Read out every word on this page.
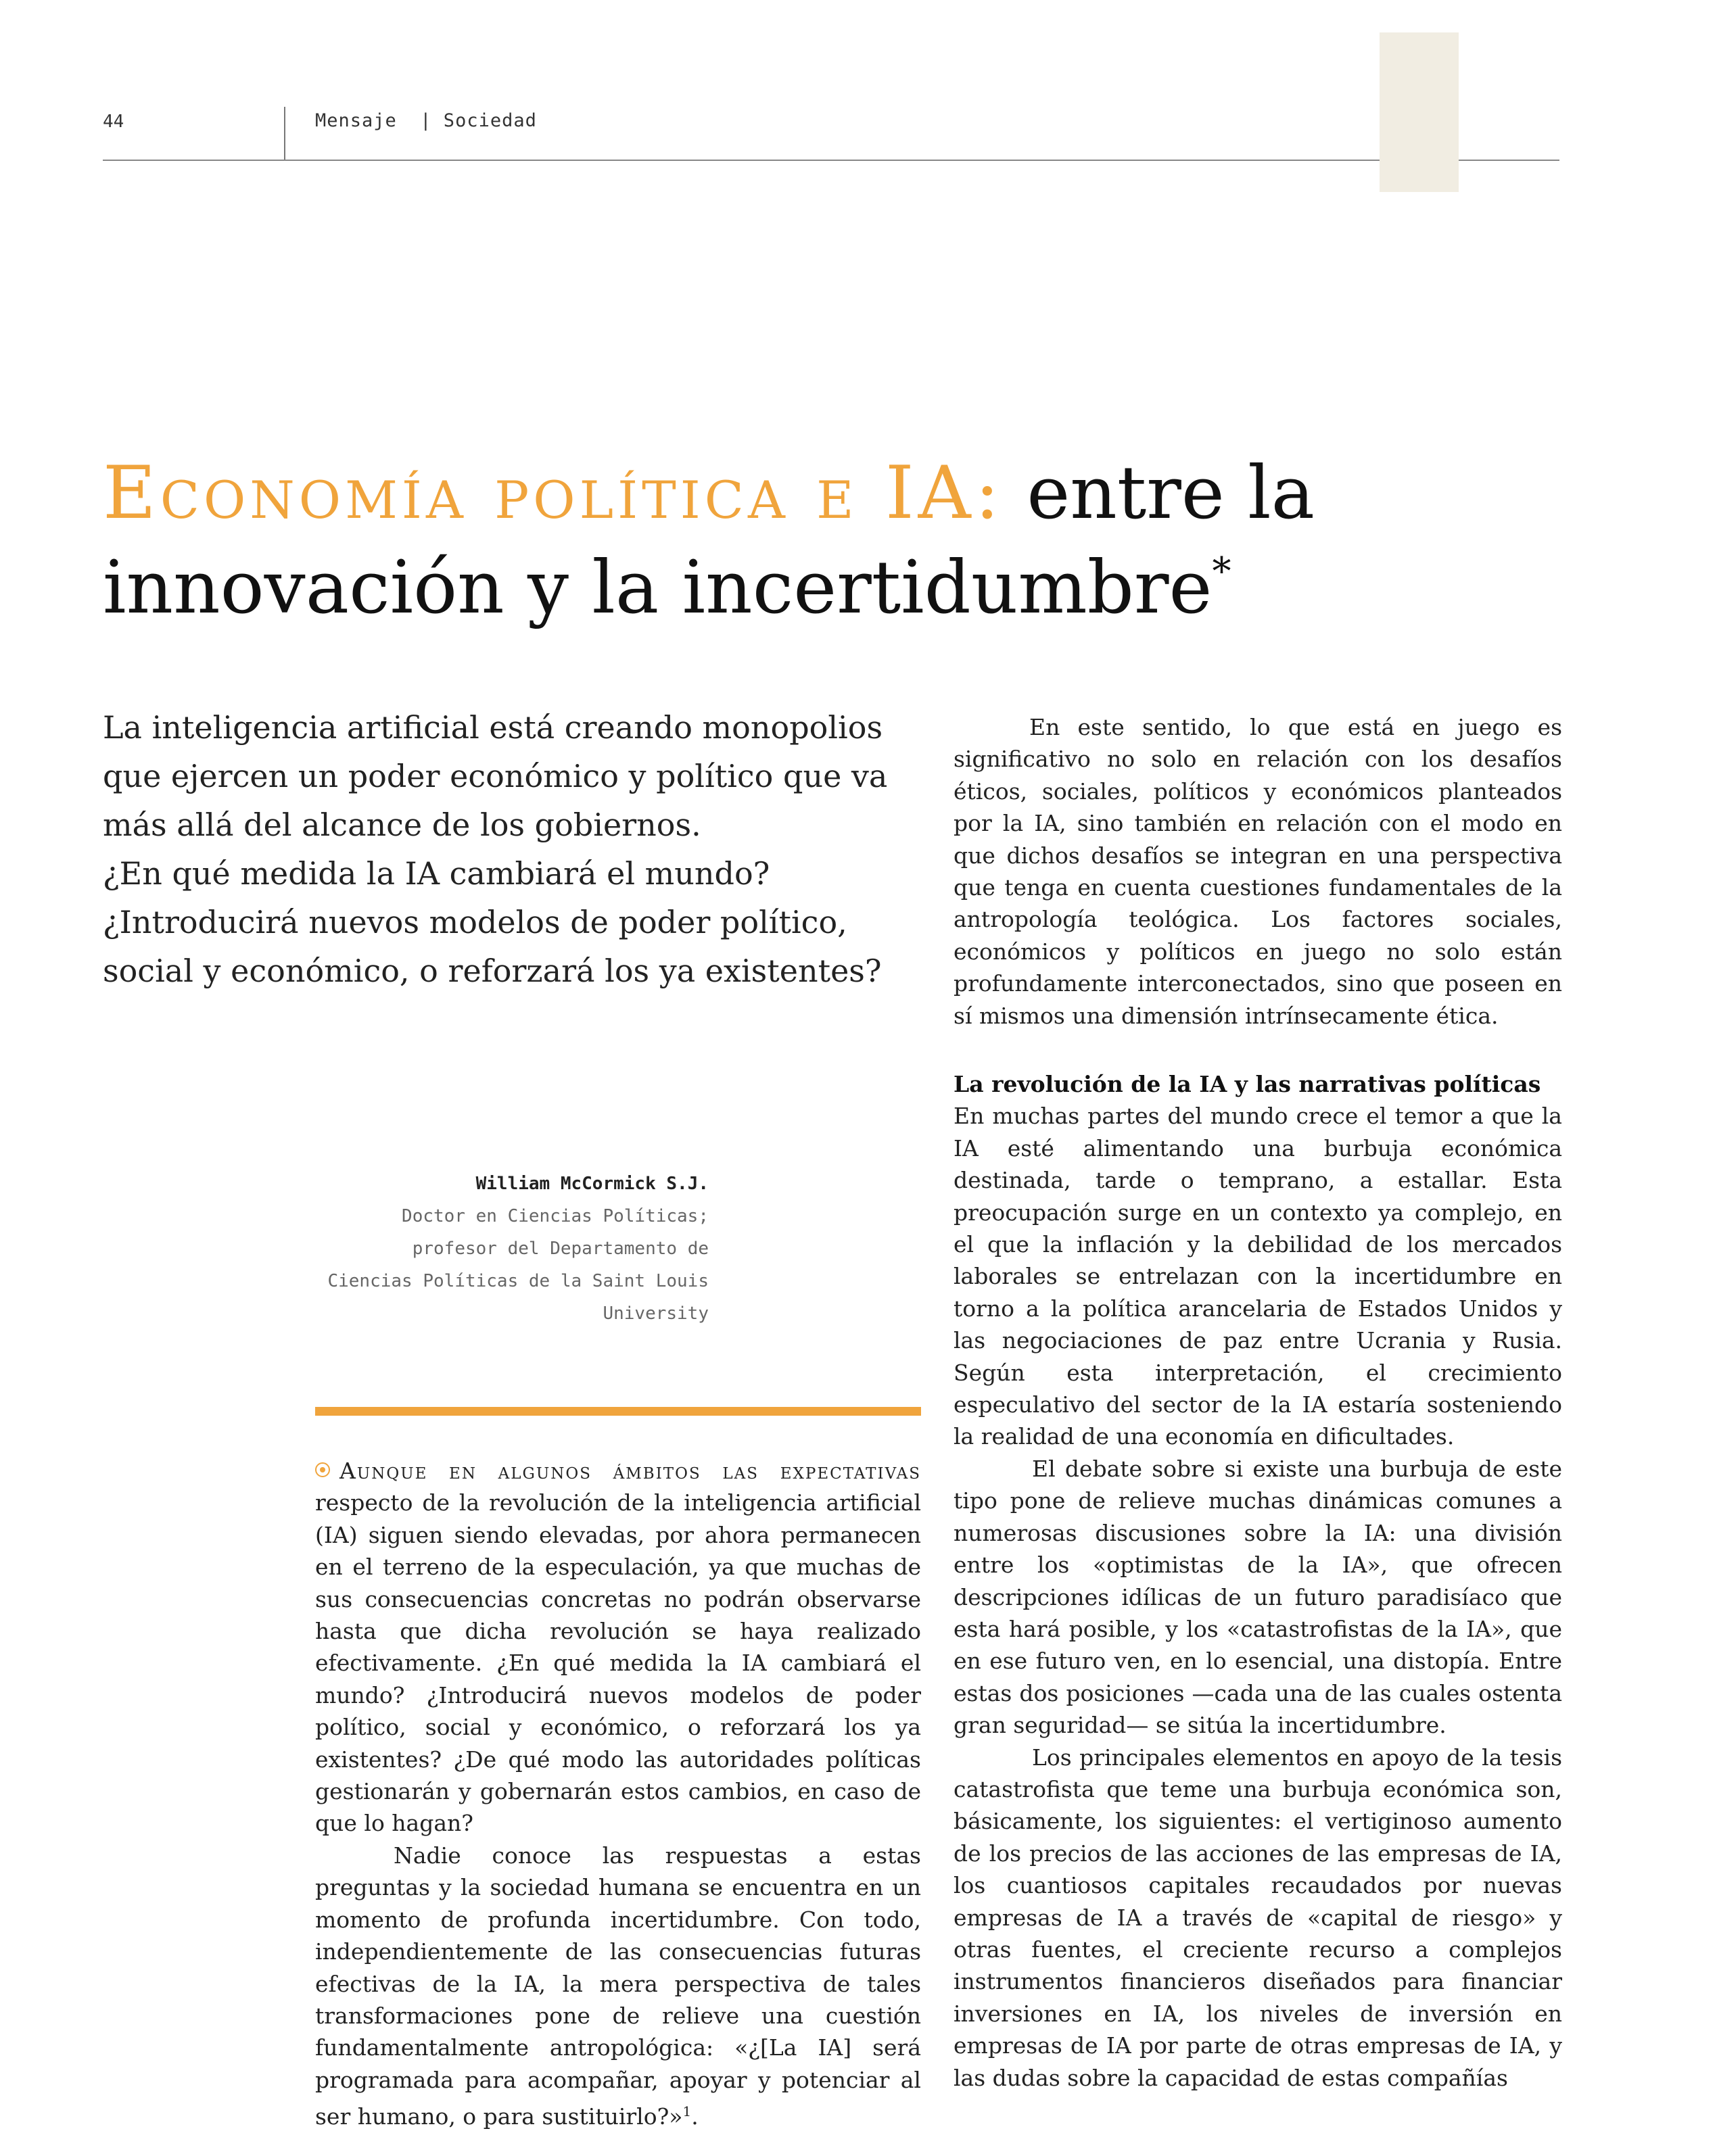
44	Mensaje  | Sociedad
Economía política e IA: entre la
innovación y la incertidumbre*

La inteligencia artificial está creando monopolios que ejercen un poder económico y político que va más allá del alcance de los gobiernos.

¿En qué medida la IA cambiará el mundo? ¿Introducirá nuevos modelos de poder político, social y económico, o reforzará los ya existentes?

En este sentido, lo que está en juego es significativo no solo en relación con los desafíos éticos, sociales, políticos y económicos planteados por la IA, sino también en relación con el modo en que dichos desafíos se integran en una perspectiva que tenga en cuenta cuestiones fundamentales de la antropología teológica. Los factores sociales, económicos y políticos en juego no solo están profundamente interconectados, sino que poseen en sí mismos una dimensión intrínsecamente ética.

William McCormick S.J.
Doctor en Ciencias Políticas; profesor del Departamento de Ciencias Políticas de la Saint Louis University

Aunque en algunos ámbitos las expectativas respecto de la revolución de la inteligencia artificial (IA) siguen siendo elevadas, por ahora permanecen en el terreno de la especulación, ya que muchas de sus consecuencias concretas no podrán observarse hasta que dicha revolución se haya realizado efectivamente. ¿En qué medida la IA cambiará el mundo? ¿Introducirá nuevos modelos de poder político, social y económico, o reforzará los ya existentes? ¿De qué modo las autoridades políticas gestionarán y gobernarán estos cambios, en caso de que lo hagan?

Nadie conoce las respuestas a estas preguntas y la sociedad humana se encuentra en un momento de profunda incertidumbre. Con todo, independientemente de las consecuencias futuras efectivas de la IA, la mera perspectiva de tales transformaciones pone de relieve una cuestión fundamentalmente antropológica: «¿[La IA] será programada para acompañar, apoyar y potenciar al ser humano, o para sustituirlo?»$^1$.

La revolución de la IA y las narrativas políticas

En muchas partes del mundo crece el temor a que la IA esté alimentando una burbuja económica destinada, tarde o temprano, a estallar. Esta preocupación surge en un contexto ya complejo, en el que la inflación y la debilidad de los mercados laborales se entrelazan con la incertidumbre en torno a la política arancelaria de Estados Unidos y las negociaciones de paz entre Ucrania y Rusia. Según esta interpretación, el crecimiento especulativo del sector de la IA estaría sosteniendo la realidad de una economía en dificultades.

El debate sobre si existe una burbuja de este tipo pone de relieve muchas dinámicas comunes a numerosas discusiones sobre la IA: una división entre los «optimistas de la IA», que ofrecen descripciones idílicas de un futuro paradisíaco que esta hará posible, y los «catastrofistas de la IA», que en ese futuro ven, en lo esencial, una distopía. Entre estas dos posiciones —cada una de las cuales ostenta gran seguridad— se sitúa la incertidumbre.

Los principales elementos en apoyo de la tesis catastrofista que teme una burbuja económica son, básicamente, los siguientes: el vertiginoso aumento de los precios de las acciones de las empresas de IA, los cuantiosos capitales recaudados por nuevas empresas de IA a través de «capital de riesgo» y otras fuentes, el creciente recurso a complejos instrumentos financieros diseñados para financiar inversiones en IA, los niveles de inversión en empresas de IA por parte de otras empresas de IA, y las dudas sobre la capacidad de estas compañías
